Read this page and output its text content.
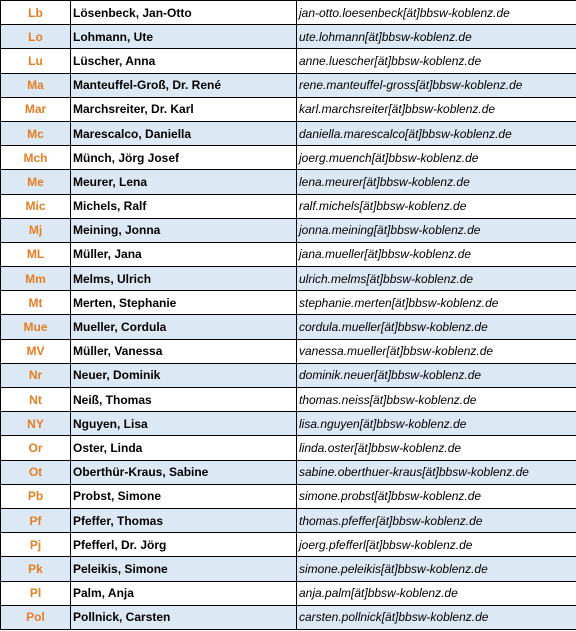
Lb	Lösenbeck, Jan-Otto	jan-otto.loesenbeck[ät]bbsw-koblenz.de
Lo	Lohmann, Ute	ute.lohmann[ät]bbsw-koblenz.de
Lu	Lüscher, Anna	anne.luescher[ät]bbsw-koblenz.de
Ma	Manteuffel-Groß, Dr. René	rene.manteuffel-gross[ät]bbsw-koblenz.de
Mar	Marchsreiter, Dr. Karl	karl.marchsreiter[ät]bbsw-koblenz.de
Mc	Marescalco, Daniella	daniella.marescalco[ät]bbsw-koblenz.de
Mch	Münch, Jörg Josef	joerg.muench[ät]bbsw-koblenz.de
Me	Meurer, Lena	lena.meurer[ät]bbsw-koblenz.de
Mic	Michels, Ralf	ralf.michels[ät]bbsw-koblenz.de
Mj	Meining, Jonna	jonna.meining[ät]bbsw-koblenz.de
ML	Müller, Jana	jana.mueller[ät]bbsw-koblenz.de
Mm	Melms, Ulrich	ulrich.melms[ät]bbsw-koblenz.de
Mt	Merten, Stephanie	stephanie.merten[ät]bbsw-koblenz.de
Mue	Mueller, Cordula	cordula.mueller[ät]bbsw-koblenz.de
MV	Müller, Vanessa	vanessa.mueller[ät]bbsw-koblenz.de
Nr	Neuer, Dominik	dominik.neuer[ät]bbsw-koblenz.de
Nt	Neiß, Thomas	thomas.neiss[ät]bbsw-koblenz.de
NY	Nguyen, Lisa	lisa.nguyen[ät]bbsw-koblenz.de
Or	Oster, Linda	linda.oster[ät]bbsw-koblenz.de
Ot	Oberthür-Kraus, Sabine	sabine.oberthuer-kraus[ät]bbsw-koblenz.de
Pb	Probst, Simone	simone.probst[ät]bbsw-koblenz.de
Pf	Pfeffer, Thomas	thomas.pfeffer[ät]bbsw-koblenz.de
Pj	Pfefferl, Dr. Jörg	joerg.pfefferl[ät]bbsw-koblenz.de
Pk	Peleikis, Simone	simone.peleikis[ät]bbsw-koblenz.de
Pl	Palm, Anja	anja.palm[ät]bbsw-koblenz.de
Pol	Pollnick, Carsten	carsten.pollnick[ät]bbsw-koblenz.de
